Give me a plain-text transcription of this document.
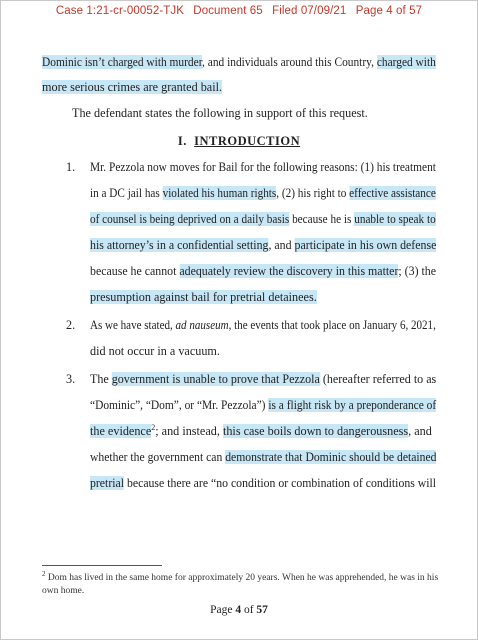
Case 1:21-cr-00052-TJK Document 65 Filed 07/09/21 Page 4 of 57
Dominic isn’t charged with murder, and individuals around this Country, charged with
more serious crimes are granted bail.
The defendant states the following in support of this request.
I. INTRODUCTION
1. Mr. Pezzola now moves for Bail for the following reasons: (1) his treatment
in a DC jail has violated his human rights, (2) his right to effective assistance
of counsel is being deprived on a daily basis because he is unable to speak to
his attorney’s in a confidential setting, and participate in his own defense
because he cannot adequately review the discovery in this matter; (3) the
presumption against bail for pretrial detainees.
2. As we have stated, ad nauseum, the events that took place on January 6, 2021,
did not occur in a vacuum.
3. The government is unable to prove that Pezzola (hereafter referred to as
“Dominic”, “Dom”, or “Mr. Pezzola”) is a flight risk by a preponderance of
the evidence$^2$; and instead, this case boils down to dangerousness, and
whether the government can demonstrate that Dominic should be detained
pretrial because there are “no condition or combination of conditions will
$^2$ Dom has lived in the same home for approximately 20 years. When he was apprehended, he was in his own home.
Page 4 of 57
